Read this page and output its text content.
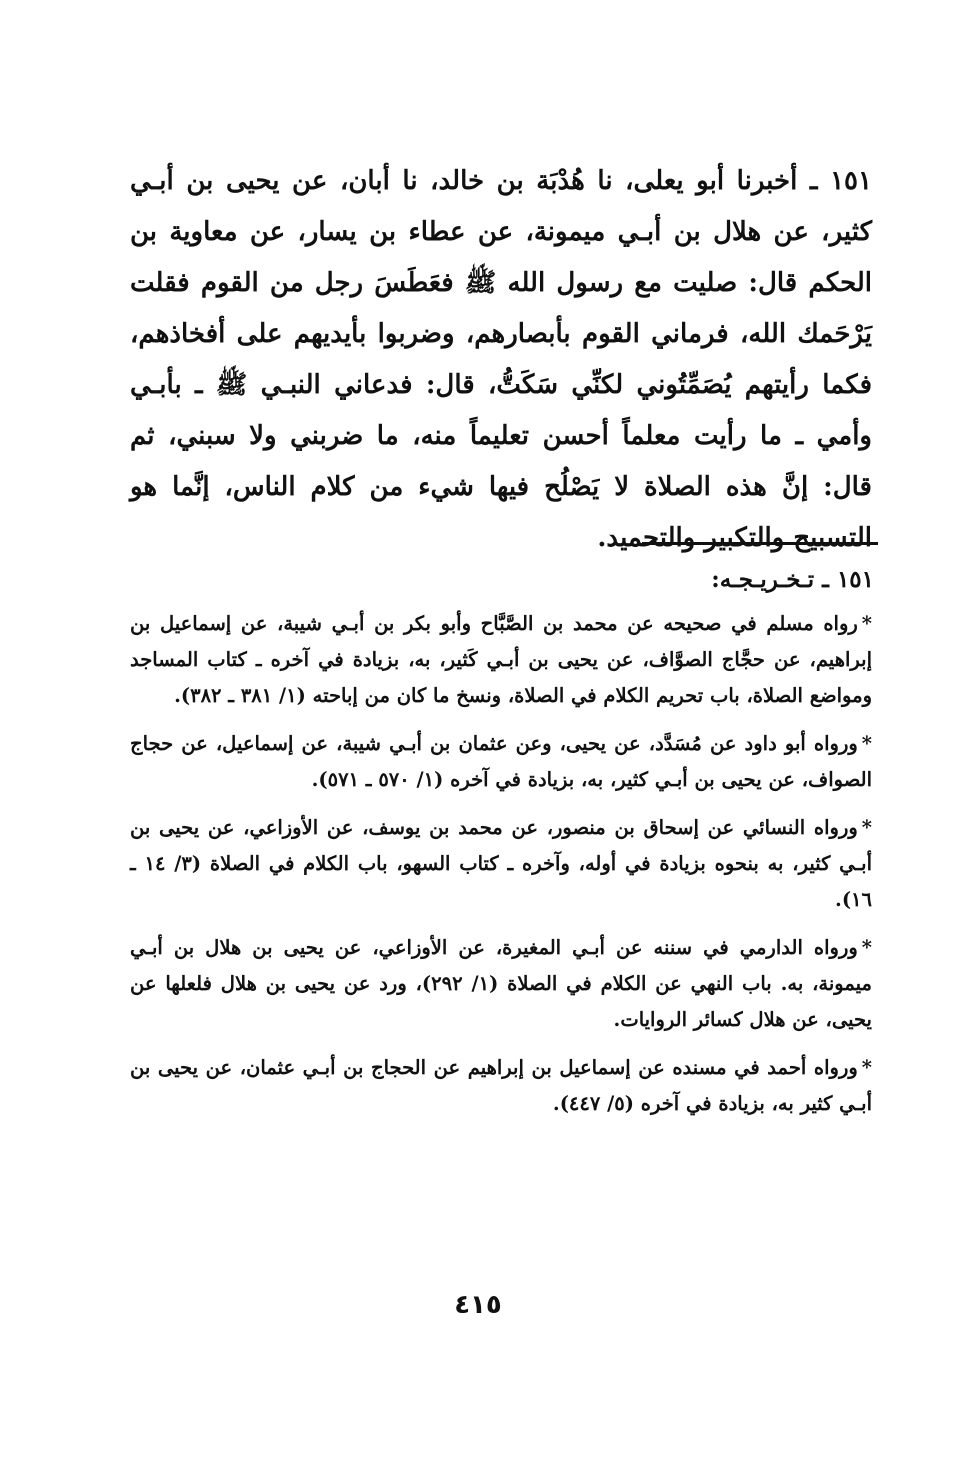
١٥١ ـ أخبرنا أبو يعلى، نا هُدْبَة بن خالد، نا أبان، عن يحيى بن أبـي كثير، عن هلال بن أبـي ميمونة، عن عطاء بن يسار، عن معاوية بن الحكم قال: صليت مع رسول الله ﷺ فعَطَسَ رجل من القوم فقلت يَرْحَمك الله، فرماني القوم بأبصارهم، وضربوا بأيديهم على أفخاذهم، فكما رأيتهم يُصَمِّتُوني لكنِّي سَكَتُّ، قال: فدعاني النبـي ﷺ ـ بأبـي وأمي ـ ما رأيت معلماً أحسن تعليماً منه، ما ضربني ولا سبني، ثم قال: إنَّ هذه الصلاة لا يَصْلُح فيها شيء من كلام الناس، إنَّما هو التسبيح والتكبير والتحميد.
١٥١ ـ تـخـريـجـه:

*رواه مسلم في صحيحه عن محمد بن الصَّبَّاح وأبو بكر بن أبـي شيبة، عن إسماعيل بن إبراهيم، عن حجَّاج الصوَّاف، عن يحيى بن أبـي كَثير، به، بزيادة في آخره ـ كتاب المساجد ومواضع الصلاة، باب تحريم الكلام في الصلاة، ونسخ ما كان من إباحته (١/ ٣٨١ ـ ٣٨٢).

*ورواه أبو داود عن مُسَدَّد، عن يحيى، وعن عثمان بن أبـي شيبة، عن إسماعيل، عن حجاج الصواف، عن يحيى بن أبـي كثير، به، بزيادة في آخره (١/ ٥٧٠ ـ ٥٧١).

*ورواه النسائي عن إسحاق بن منصور، عن محمد بن يوسف، عن الأوزاعي، عن يحيى بن أبـي كثير، به بنحوه بزيادة في أوله، وآخره ـ كتاب السهو، باب الكلام في الصلاة (٣/ ١٤ ـ ١٦).

*ورواه الدارمي في سننه عن أبـي المغيرة، عن الأوزاعي، عن يحيى بن هلال بن أبـي ميمونة، به. باب النهي عن الكلام في الصلاة (١/ ٢٩٢)، ورد عن يحيى بن هلال فلعلها عن يحيى، عن هلال كسائر الروايات.

*ورواه أحمد في مسنده عن إسماعيل بن إبراهيم عن الحجاج بن أبـي عثمان، عن يحيى بن أبـي كثير به، بزيادة في آخره (٥/ ٤٤٧).

٤١٥
